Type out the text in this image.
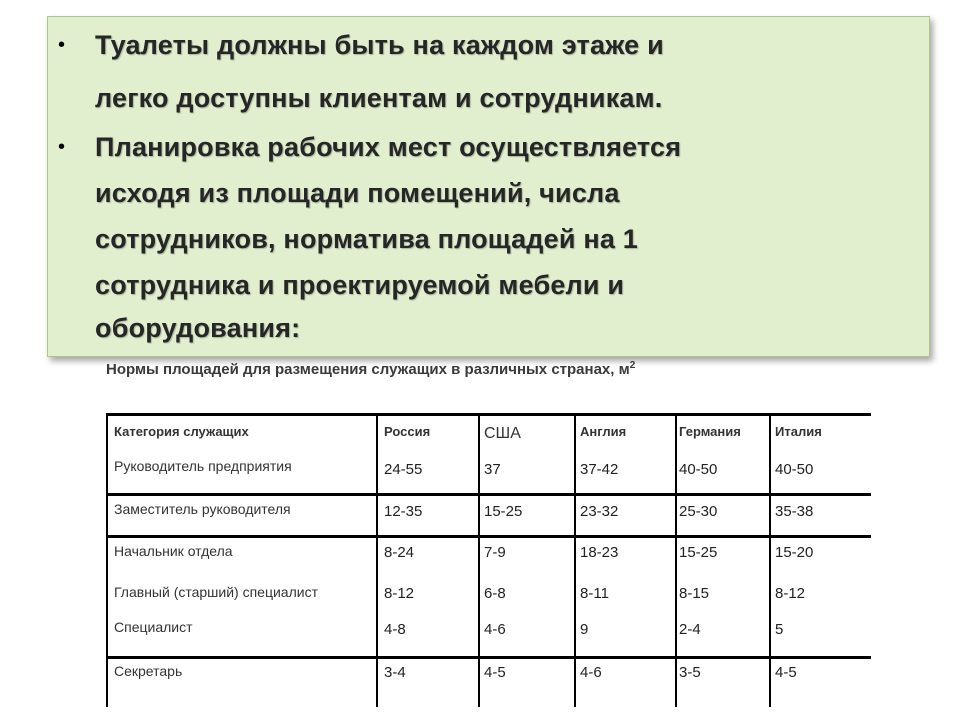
• Туалеты должны быть на каждом этаже и
легко доступны клиентам и сотрудникам.
• Планировка рабочих мест осуществляется
исходя из площади помещений, числа
сотрудников, норматива площадей на 1
сотрудника и проектируемой мебели и
оборудования:
Нормы площадей для размещения служащих в различных странах, $м^2$
Категория служащих	Россия	США	Англия	Германия	Италия
Руководитель предприятия	24-55	37	37-42	40-50	40-50
Заместитель руководителя	12-35	15-25	23-32	25-30	35-38
Начальник отдела	8-24	7-9	18-23	15-25	15-20
Главный (старший) специалист	8-12	6-8	8-11	8-15	8-12
Специалист	4-8	4-6	9	2-4	5
Секретарь	3-4	4-5	4-6	3-5	4-5
